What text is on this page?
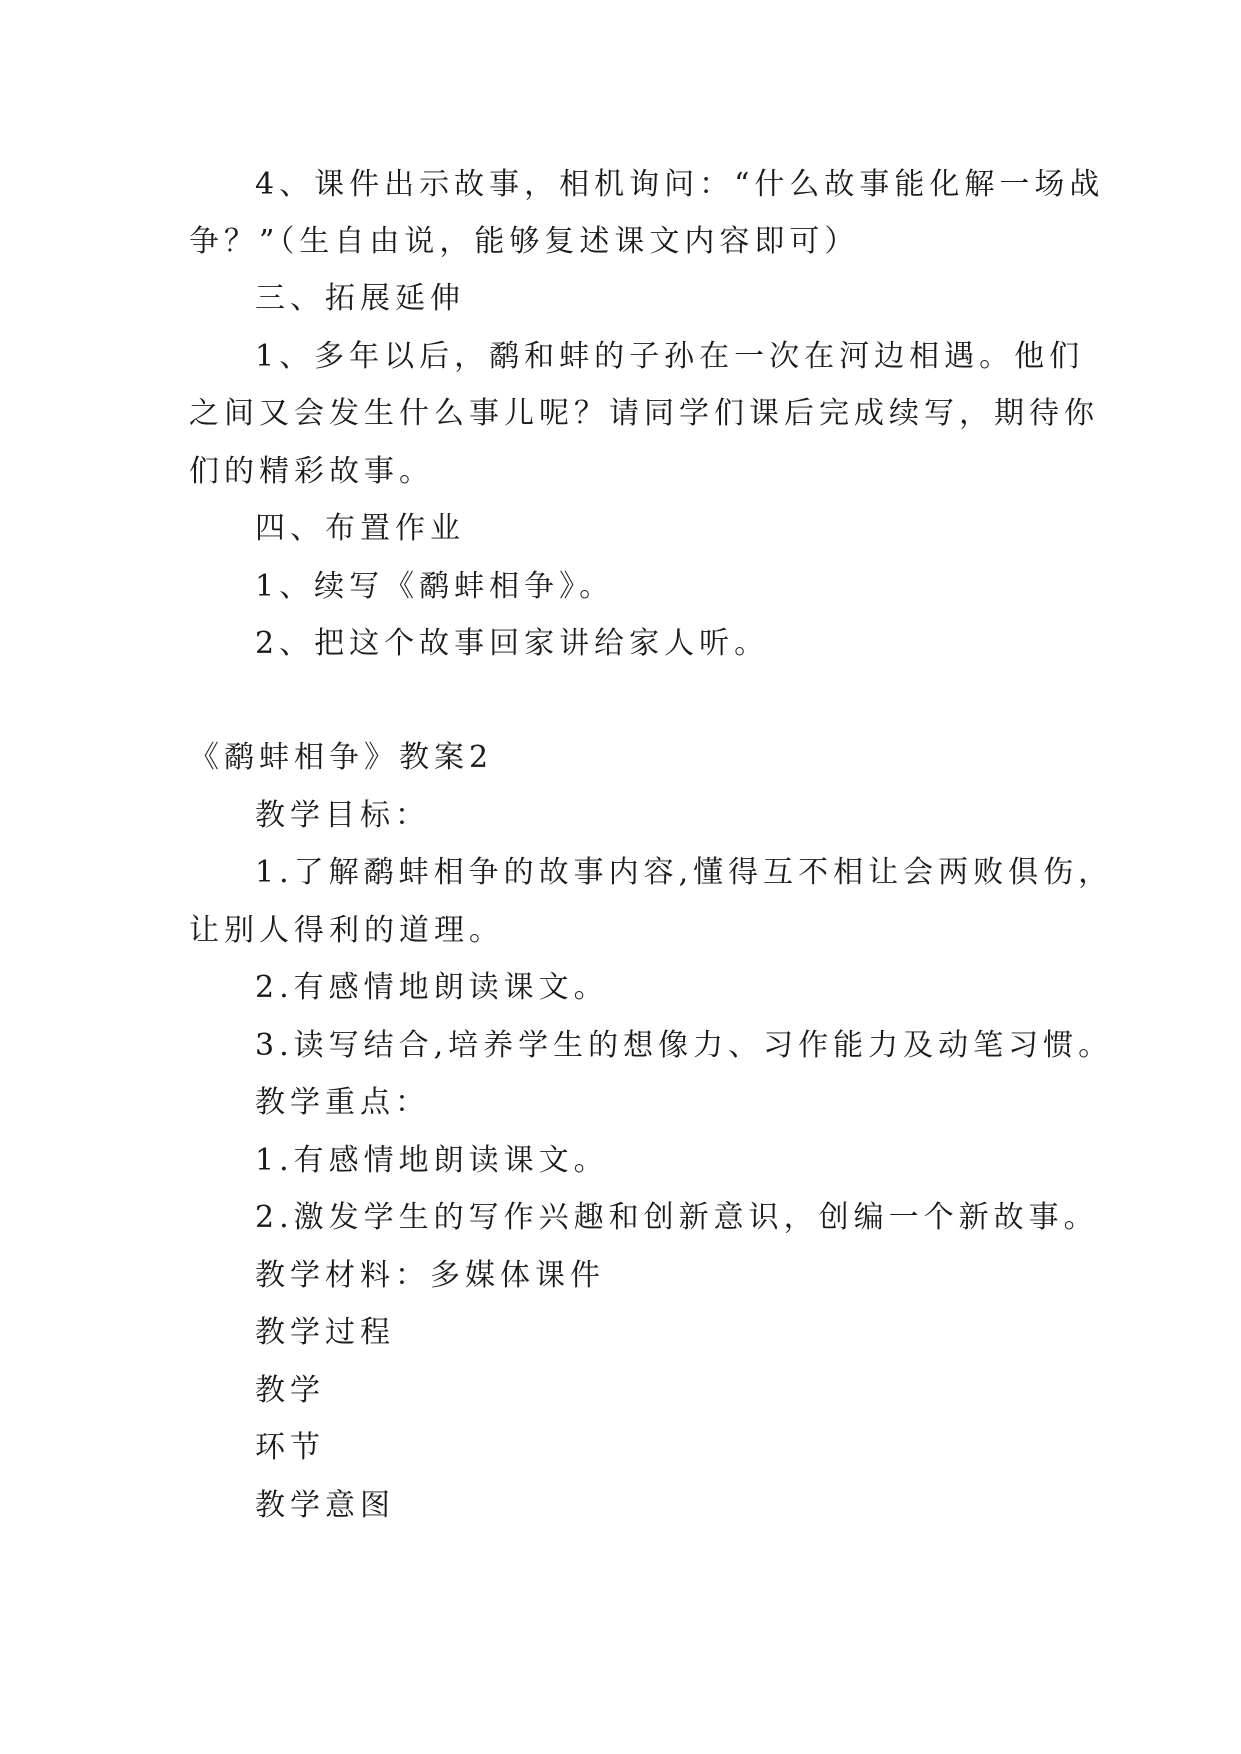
4、课件出示故事，相机询问：“什么故事能化解一场战
争？”（生自由说，能够复述课文内容即可）
三、拓展延伸
1、多年以后，鹬和蚌的子孙在一次在河边相遇。他们
之间又会发生什么事儿呢？请同学们课后完成续写，期待你
们的精彩故事。
四、布置作业
1、续写《鹬蚌相争》。
2、把这个故事回家讲给家人听。
《鹬蚌相争》教案2
教学目标：
1.了解鹬蚌相争的故事内容,懂得互不相让会两败俱伤，
让别人得利的道理。
2.有感情地朗读课文。
3.读写结合,培养学生的想像力、习作能力及动笔习惯。
教学重点：
1.有感情地朗读课文。
2.激发学生的写作兴趣和创新意识，创编一个新故事。
教学材料：多媒体课件
教学过程
教学
环节
教学意图
